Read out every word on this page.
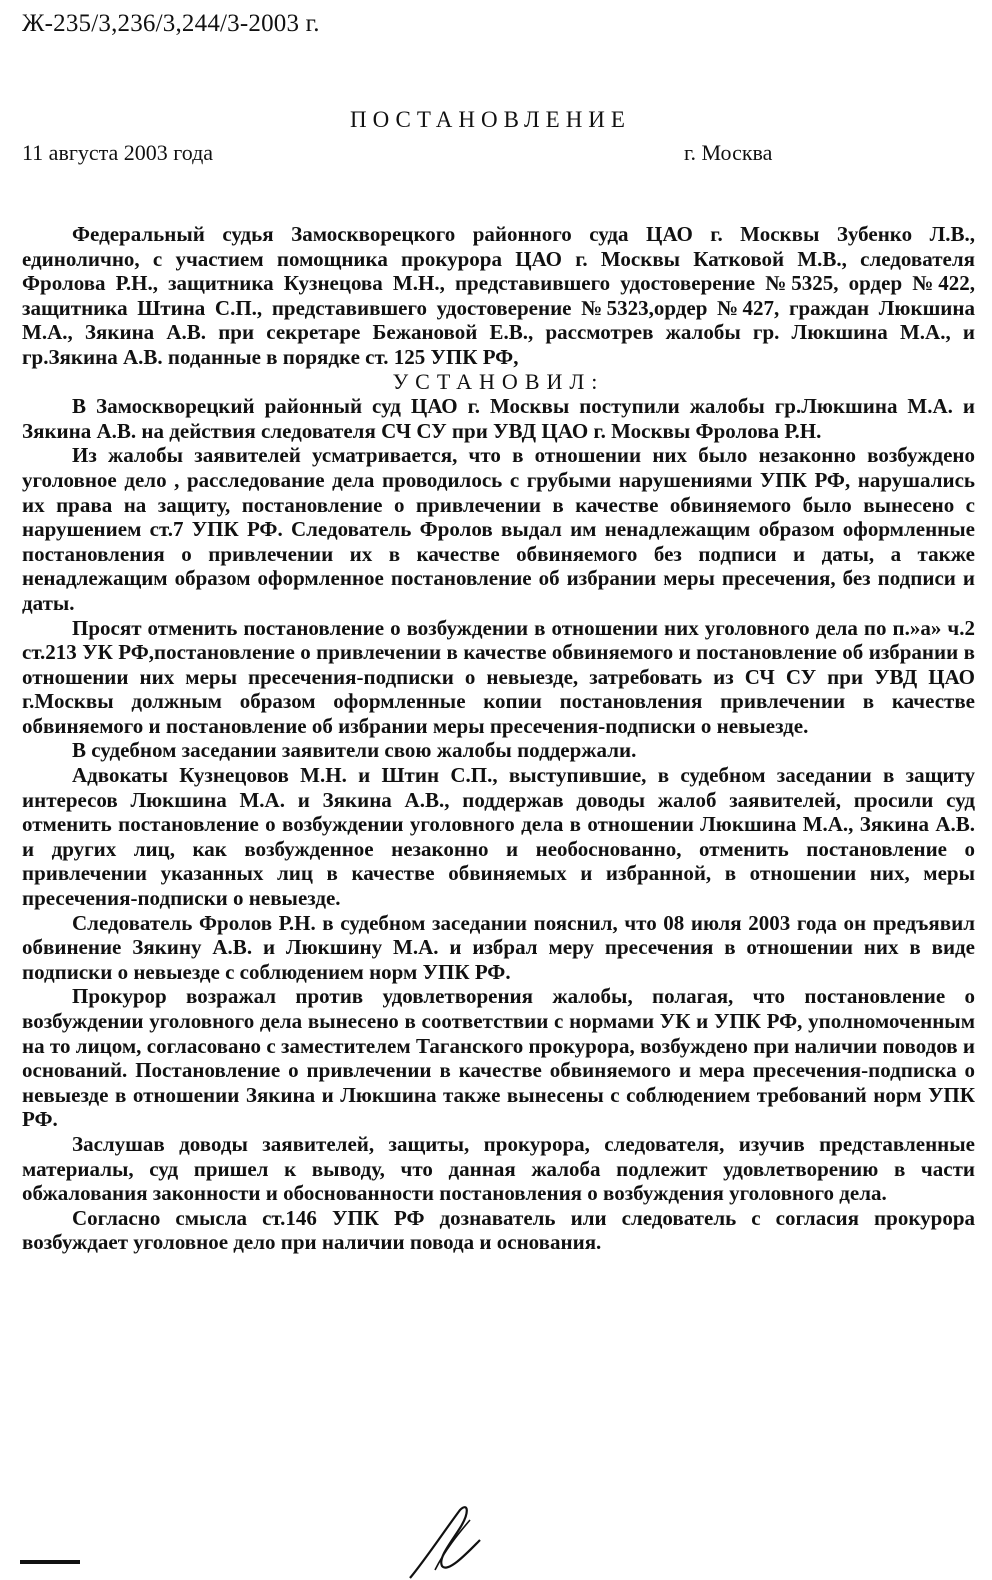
Ж-235/3,236/3,244/3-2003 г.
ПОСТАНОВЛЕНИЕ
11 августа 2003 года	г. Москва

Федеральный судья Замоскворецкого районного суда ЦАО г. Москвы Зубенко Л.В., единолично, с участием помощника прокурора ЦАО г. Москвы Катковой М.В., следователя Фролова Р.Н., защитника Кузнецова М.Н., представившего удостоверение №5325, ордер №422, защитника Штина С.П., представившего удостоверение №5323,ордер №427, граждан Люкшина М.А., Зякина А.В. при секретаре Бежановой Е.В., рассмотрев жалобы гр. Люкшина М.А., и гр.Зякина А.В. поданные в порядке ст. 125 УПК РФ,

УСТАНОВИЛ:

В Замоскворецкий районный суд ЦАО г. Москвы поступили жалобы гр.Люкшина М.А. и Зякина А.В. на действия следователя СЧ СУ при УВД ЦАО г. Москвы Фролова Р.Н.

Из жалобы заявителей усматривается, что в отношении них было незаконно возбуждено уголовное дело , расследование дела проводилось с грубыми нарушениями УПК РФ, нарушались их права на защиту, постановление о привлечении в качестве обвиняемого было вынесено с нарушением ст.7 УПК РФ. Следователь Фролов выдал им ненадлежащим образом оформленные постановления о привлечении их в качестве обвиняемого без подписи и даты, а также ненадлежащим образом оформленное постановление об избрании меры пресечения, без подписи и даты.

Просят отменить постановление о возбуждении в отношении них уголовного дела по п.»а» ч.2 ст.213 УК РФ,постановление о привлечении в качестве обвиняемого и постановление об избрании в отношении них меры пресечения-подписки о невыезде, затребовать из СЧ СУ при УВД ЦАО г.Москвы должным образом оформленные копии постановления привлечении в качестве обвиняемого и постановление об избрании меры пресечения-подписки о невыезде.

В судебном заседании заявители свою жалобы поддержали.

Адвокаты Кузнецовов М.Н. и Штин С.П., выступившие, в судебном заседании в защиту интересов Люкшина М.А. и Зякина А.В., поддержав доводы жалоб заявителей, просили суд отменить постановление о возбуждении уголовного дела в отношении Люкшина М.А., Зякина А.В. и других лиц, как возбужденное незаконно и необоснованно, отменить постановление о привлечении указанных лиц в качестве обвиняемых и избранной, в отношении них, меры пресечения-подписки о невыезде.

Следователь Фролов Р.Н. в судебном заседании пояснил, что 08 июля 2003 года он предъявил обвинение Зякину А.В. и Люкшину М.А. и избрал меру пресечения в отношении них в виде подписки о невыезде с соблюдением норм УПК РФ.

Прокурор возражал против удовлетворения жалобы, полагая, что постановление о возбуждении уголовного дела вынесено в соответствии с нормами УК и УПК РФ, уполномоченным на то лицом, согласовано с заместителем Таганского прокурора, возбуждено при наличии поводов и оснований. Постановление о привлечении в качестве обвиняемого и мера пресечения-подписка о невыезде в отношении Зякина и Люкшина также вынесены с соблюдением требований норм УПК РФ.

Заслушав доводы заявителей, защиты, прокурора, следователя, изучив представленные материалы, суд пришел к выводу, что данная жалоба подлежит удовлетворению в части обжалования законности и обоснованности постановления о возбуждения уголовного дела.

Согласно смысла ст.146 УПК РФ дознаватель или следователь с согласия прокурора возбуждает уголовное дело при наличии повода и основания.
